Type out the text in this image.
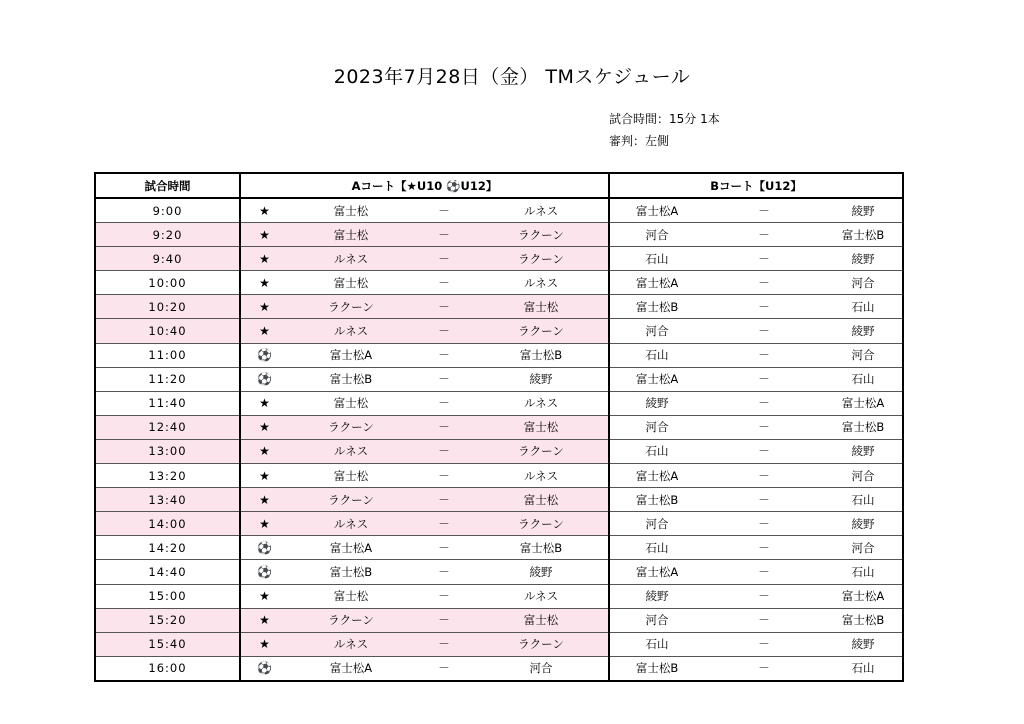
2023年7月28日（金） TMスケジュール
試合時間：15分 1本
審判：左側
試合時間	Aコート【★U10 ⚽U12】				Bコート【U12】		
9:00	★	富士松	－	ルネス	富士松A	－	綾野
9:20	★	富士松	－	ラクーン	河合	－	富士松B
9:40	★	ルネス	－	ラクーン	石山	－	綾野
10:00	★	富士松	－	ルネス	富士松A	－	河合
10:20	★	ラクーン	－	富士松	富士松B	－	石山
10:40	★	ルネス	－	ラクーン	河合	－	綾野
11:00	⚽	富士松A	－	富士松B	石山	－	河合
11:20	⚽	富士松B	－	綾野	富士松A	－	石山
11:40	★	富士松	－	ルネス	綾野	－	富士松A
12:40	★	ラクーン	－	富士松	河合	－	富士松B
13:00	★	ルネス	－	ラクーン	石山	－	綾野
13:20	★	富士松	－	ルネス	富士松A	－	河合
13:40	★	ラクーン	－	富士松	富士松B	－	石山
14:00	★	ルネス	－	ラクーン	河合	－	綾野
14:20	⚽	富士松A	－	富士松B	石山	－	河合
14:40	⚽	富士松B	－	綾野	富士松A	－	石山
15:00	★	富士松	－	ルネス	綾野	－	富士松A
15:20	★	ラクーン	－	富士松	河合	－	富士松B
15:40	★	ルネス	－	ラクーン	石山	－	綾野
16:00	⚽	富士松A	－	河合	富士松B	－	石山
